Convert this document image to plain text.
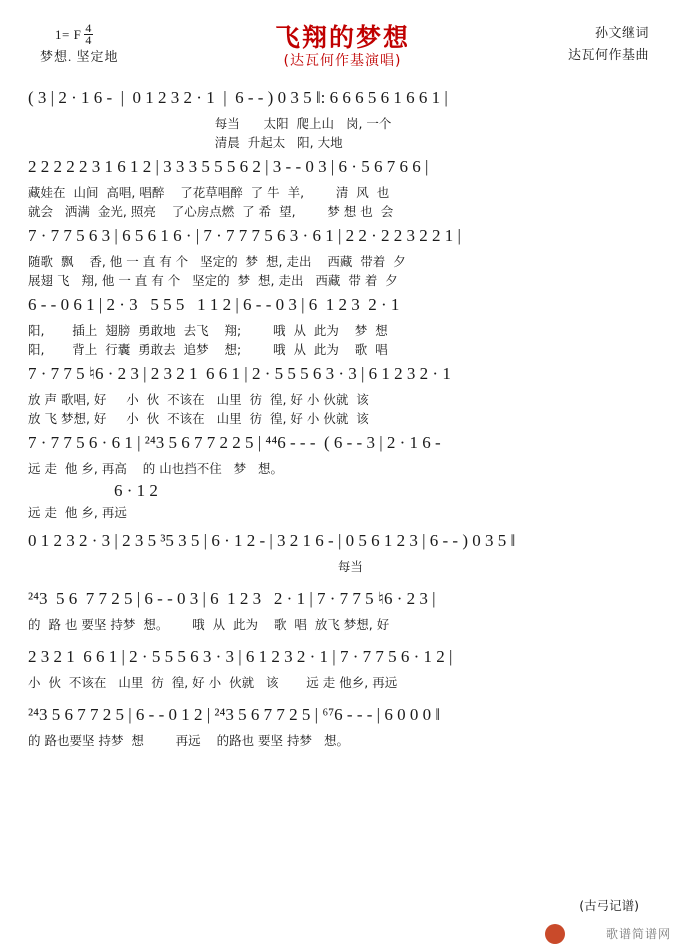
1= F $\frac{4}{4}$
梦想. 坚定地
飞翔的梦想
(达瓦何作基演唱)
孙文继词
达瓦何作基曲
( 3 | 2 · 1 6 -  |  0 1 2 3 2 · 1  |  6 - - ) 0 3 5 ‖: 6 6 6 5 6 1 6 6 1 |
每当      太阳  爬上山   岗, 一个
清晨  升起太   阳, 大地
2 2 2 2 2 3 1 6 1 2 | 3 3 3 5 5 5 6 2 | 3 - - 0 3 | 6 · 5 6 7 6 6 |
藏娃在  山间  高唱, 唱醉    了花草唱醉  了 牛  羊,        清  风  也
就会   洒满  金光, 照亮    了心房点燃  了 希  望,        梦 想 也  会
7 · 7 7 5 6 3 | 6 5 6 1 6 · | 7 · 7 7 7 5 6 3 · 6 1 | 2 2 · 2 2 3 2 2 1 |
随歌  飘    香, 他 一 直 有 个   坚定的  梦  想, 走出    西藏  带着  夕
展翅 飞   翔, 他 一 直 有 个   坚定的  梦  想, 走出   西藏  带 着  夕
6 - - 0 6 1 | 2 · 3   5 5 5   1 1 2 | 6 - - 0 3 | 6  1 2 3  2 · 1
阳,       插上  翅膀  勇敢地  去飞    翔;        哦  从  此为    梦  想
阳,       背上  行囊  勇敢去  追梦    想;        哦  从  此为    歌  唱
7 · 7 7 5 ♮6 · 2 3 | 2 3 2 1  6 6 1 | 2 · 5 5 5 6 3 · 3 | 6 1 2 3 2 · 1
放 声 歌唱, 好     小  伙  不该在   山里  彷  徨, 好 小 伙就  该
放 飞 梦想, 好     小  伙  不该在   山里  彷  徨, 好 小 伙就  该
7 · 7 7 5 6 · 6 1 | ²⁴3 5 6 7 7 2 2 5 | ⁴⁴6 - - -  ( 6 - - 3 | 2 · 1 6 -
远 走  他 乡, 再高    的 山也挡不住   梦   想。
6 · 1 2
远 走  他 乡, 再远
0 1 2 3 2 · 3 | 2 3 5 ³5 3 5 | 6 · 1 2 - | 3 2 1 6 - | 0 5 6 1 2 3 | 6 - - ) 0 3 5 ‖
每当
²⁴3  5 6  7 7 2 5 | 6 - - 0 3 | 6  1 2 3   2 · 1 | 7 · 7 7 5 ♮6 · 2 3 |
的  路 也 要坚 持梦  想。      哦  从  此为    歌  唱  放飞 梦想, 好
2 3 2 1  6 6 1 | 2 · 5 5 5 6 3 · 3 | 6 1 2 3 2 · 1 | 7 · 7 7 5 6 · 1 2 |
小  伙  不该在   山里  彷  徨, 好 小  伙就   该       远 走 他乡, 再远
²⁴3 5 6 7 7 2 5 | 6 - - 0 1 2 | ²⁴3 5 6 7 7 2 5 | ⁶⁷6 - - - | 6 0 0 0 ‖
的 路也要坚 持梦  想        再远    的路也 要坚 持梦   想。
(古弓记谱)
歌谱简谱网
